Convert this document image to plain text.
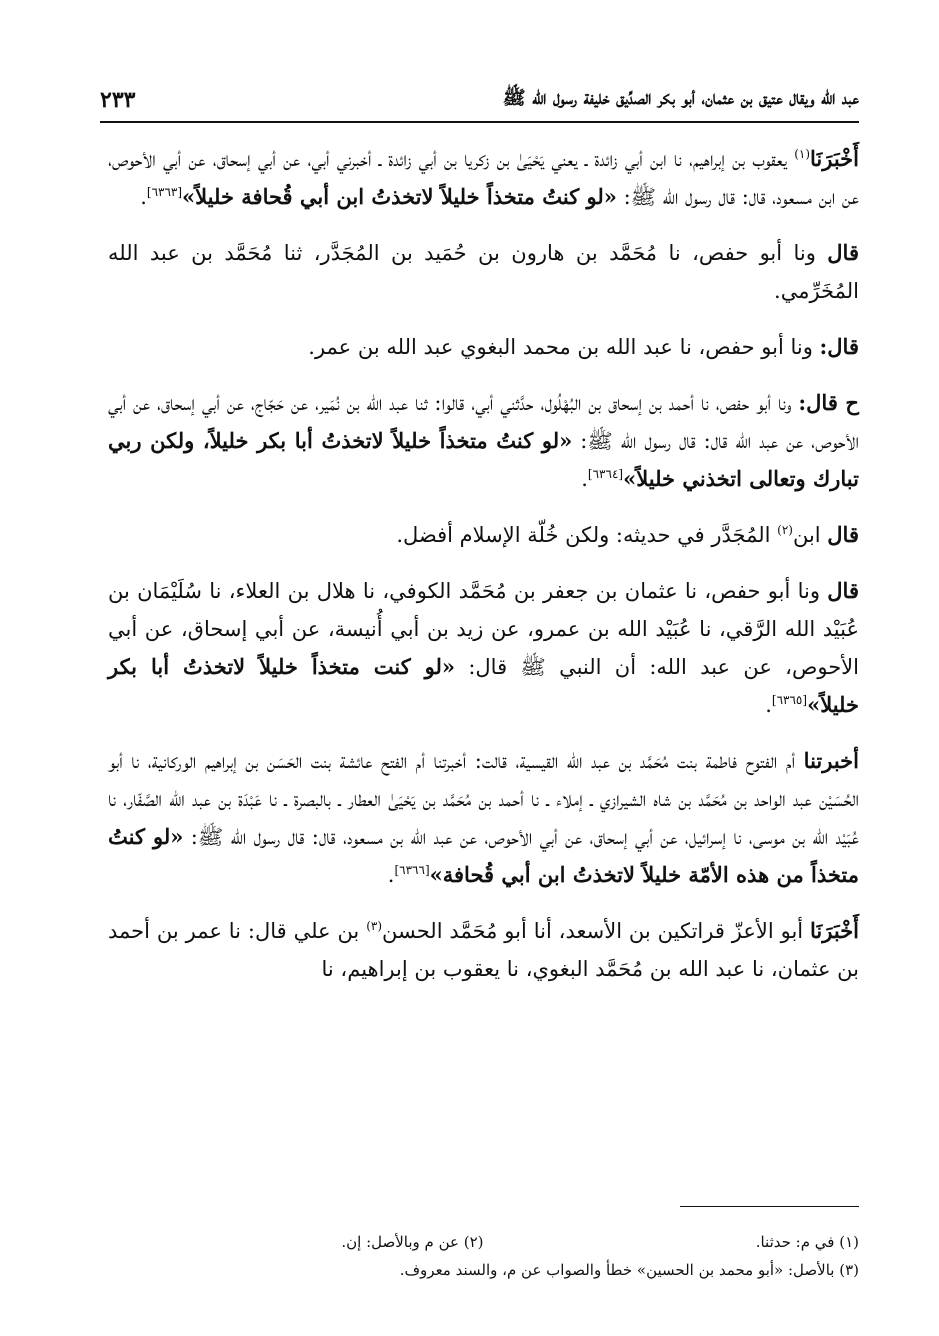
عبد الله ويقال عتيق بن عثمان، أبو بكر الصدِّيق خليفة رسول الله ﷺ
٢٣٣

أَخْبَرَنَا$^{(١)}$ يعقوب بن إبراهيم، نا ابن أبي زائدة ـ يعني يَحْيَىٰ بن زكريا بن أبي زائدة ـ أخبرني أبي، عن أبي إسحاق، عن أبي الأحوص، عن ابن مسعود، قال: قال رسول الله ﷺ: «لو كنتُ متخذاً خليلاً لاتخذتُ ابن أبي قُحافة خليلاً»[٦٣٦٣].

قال ونا أبو حفص، نا مُحَمَّد بن هارون بن حُمَيد بن المُجَدَّر، ثنا مُحَمَّد بن عبد الله المُخَرِّمي.

قال: ونا أبو حفص، نا عبد الله بن محمد البغوي عبد الله بن عمر.

ح قال: ونا أبو حفص، نا أحمد بن إسحاق بن البُهْلُول، حدَّثني أبي، قالوا: ثنا عبد الله بن نُمَير، عن حَجّاج، عن أبي إسحاق، عن أبي الأحوص، عن عبد الله قال: قال رسول الله ﷺ: «لو كنتُ متخذاً خليلاً لاتخذتُ أبا بكر خليلاً، ولكن ربي تبارك وتعالى اتخذني خليلاً»[٦٣٦٤].

قال ابن$^{(٢)}$ المُجَدَّر في حديثه: ولكن خُلّة الإسلام أفضل.

قال ونا أبو حفص، نا عثمان بن جعفر بن مُحَمَّد الكوفي، نا هلال بن العلاء، نا سُلَيْمَان بن عُبَيْد الله الرَّقي، نا عُبَيْد الله بن عمرو، عن زيد بن أبي أُنيسة، عن أبي إسحاق، عن أبي الأحوص، عن عبد الله: أن النبي ﷺ قال: «لو كنت متخذاً خليلاً لاتخذتُ أبا بكر خليلاً»[٦٣٦٥].

أخبرتنا أم الفتوح فاطمة بنت مُحَمَّد بن عبد الله القيسية، قالت: أخبرتنا أم الفتح عائشة بنت الحَسَن بن إبراهيم الوركانية، نا أبو الحُسَيْن عبد الواحد بن مُحَمَّد بن شاه الشيرازي ـ إملاء ـ نا أحمد بن مُحَمَّد بن يَحْيَىٰ العطار ـ بالبصرة ـ نا عَبْدَة بن عبد الله الصَّفّار، نا عُبَيْد الله بن موسى، نا إسرائيل، عن أبي إسحاق، عن أبي الأحوص، عن عبد الله بن مسعود، قال: قال رسول الله ﷺ: «لو كنتُ متخذاً من هذه الأمّة خليلاً لاتخذتُ ابن أبي قُحافة»[٦٣٦٦].

أَخْبَرَنَا أبو الأعزّ قراتكين بن الأسعد، أنا أبو مُحَمَّد الحسن$^{(٣)}$ بن علي قال: نا عمر بن أحمد بن عثمان، نا عبد الله بن مُحَمَّد البغوي، نا يعقوب بن إبراهيم، نا

(١) في م: حدثنا.
(٢) عن م وبالأصل: إن.
(٣) بالأصل: «أبو محمد بن الحسين» خطأ والصواب عن م، والسند معروف.
